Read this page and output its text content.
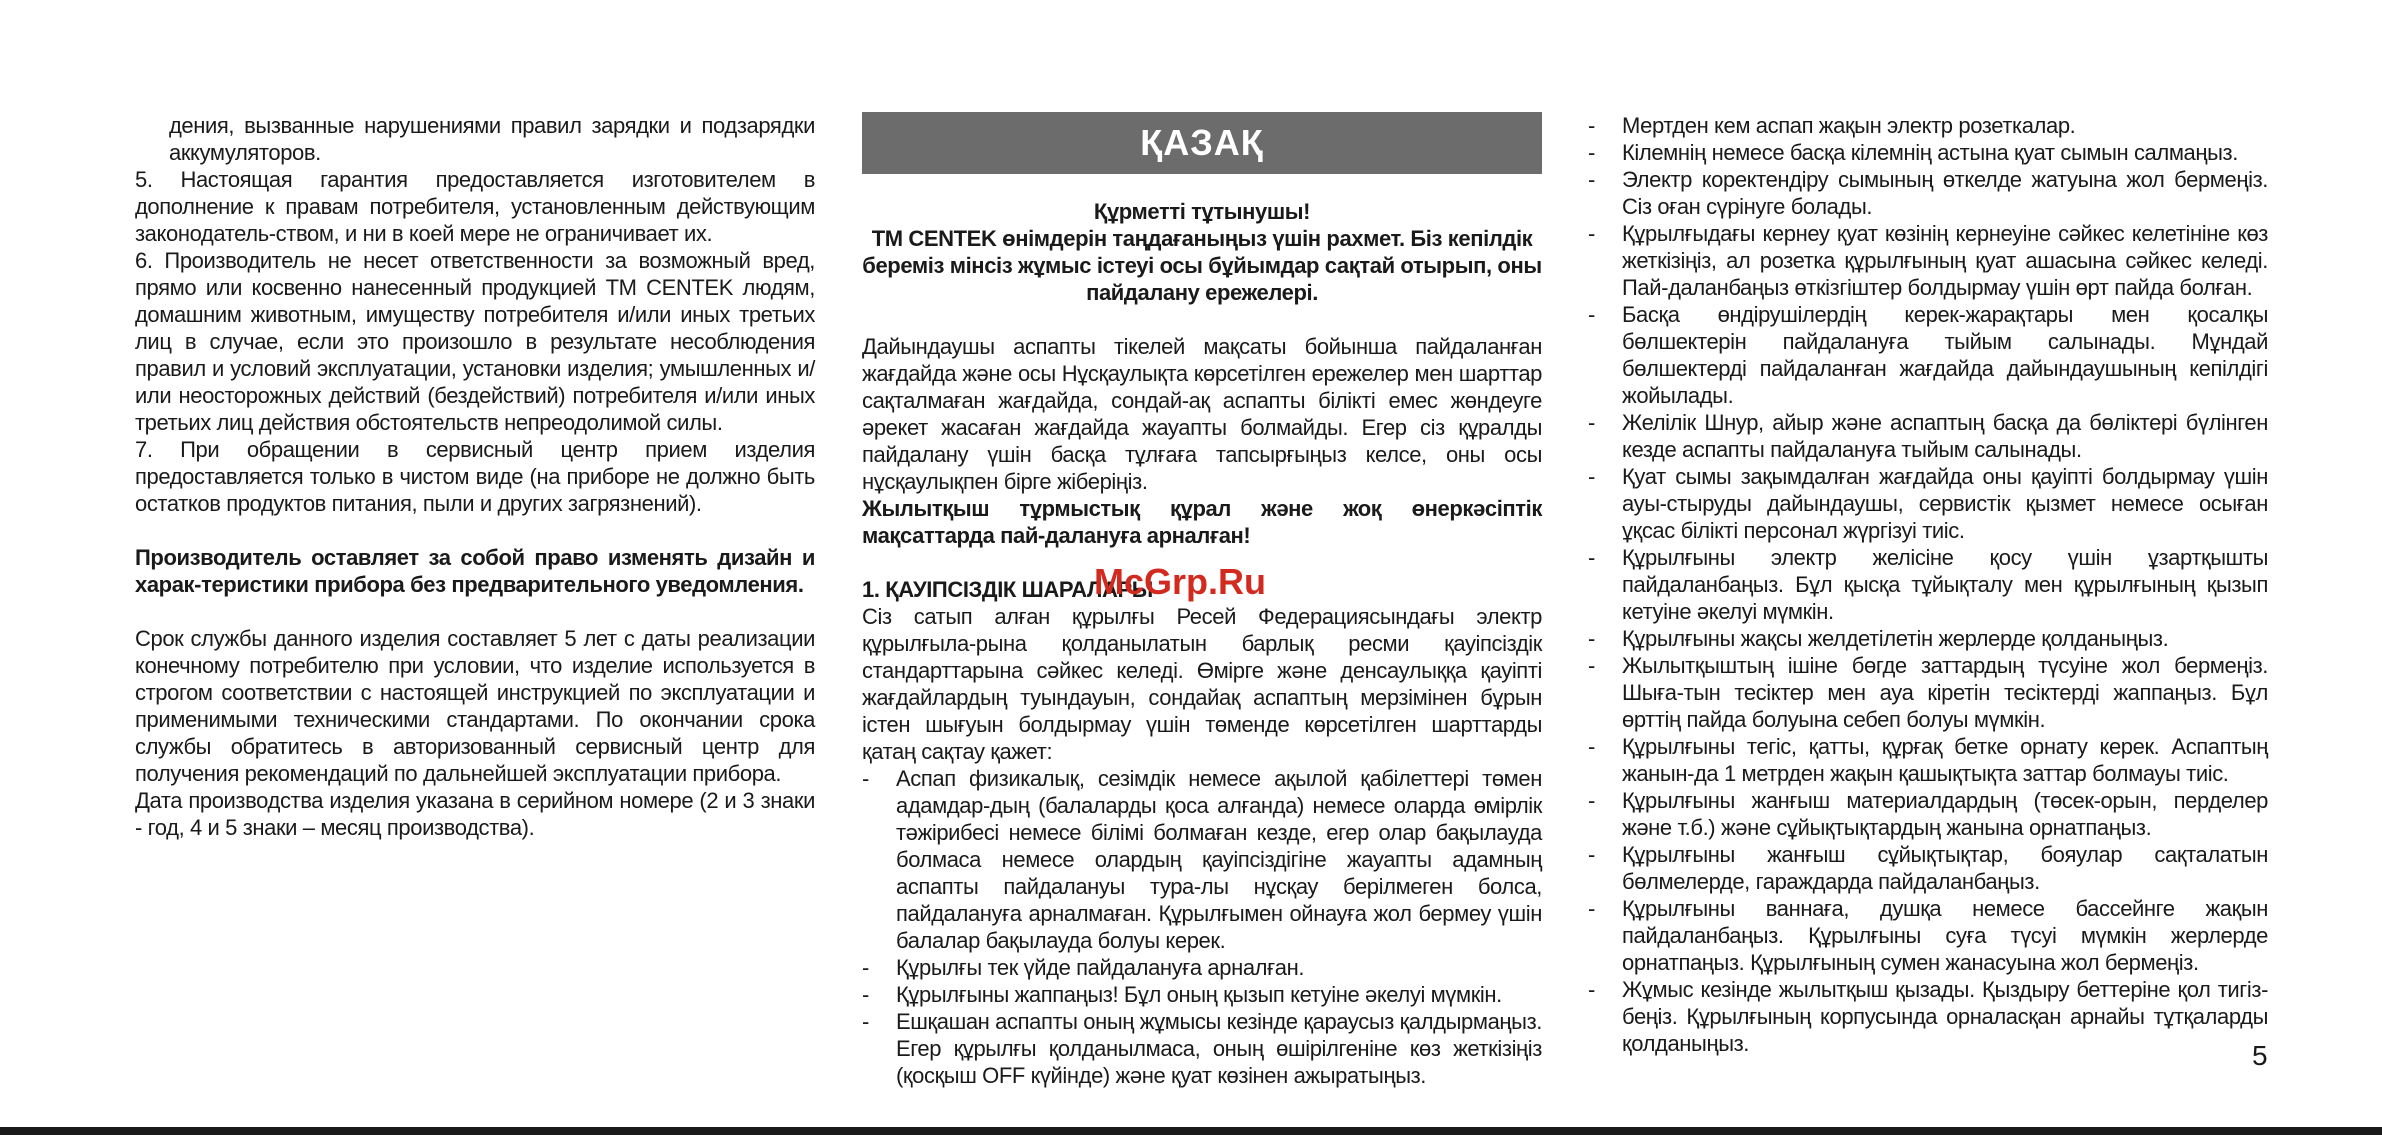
дения, вызванные нарушениями правил зарядки и подзарядки аккумуляторов.

5. Настоящая гарантия предоставляется изготовителем в дополнение к правам потребителя, установленным действующим законодатель-ством, и ни в коей мере не ограничивает их.

6. Производитель не несет ответственности за возможный вред, прямо или косвенно нанесенный продукцией ТМ CENTEK людям, домашним животным, имуществу потребителя и/или иных третьих лиц в случае, если это произошло в результате несоблюдения правил и условий эксплуатации, установки изделия; умышленных и/или неосторожных действий (бездействий) потребителя и/или иных третьих лиц действия обстоятельств непреодолимой силы.

7. При обращении в сервисный центр прием изделия предоставляется только в чистом виде (на приборе не должно быть остатков продуктов питания, пыли и других загрязнений).

Производитель оставляет за собой право изменять дизайн и харак-теристики прибора без предварительного уведомления.

Срок службы данного изделия составляет 5 лет с даты реализации конечному потребителю при условии, что изделие используется в строгом соответствии с настоящей инструкцией по эксплуатации и применимыми техническими стандартами. По окончании срока службы обратитесь в авторизованный сервисный центр для получения рекомендаций по дальнейшей эксплуатации прибора.

Дата производства изделия указана в серийном номере (2 и 3 знаки - год, 4 и 5 знаки – месяц производства).

ҚАЗАҚ

Құрметті тұтынушы!

ТМ CENTEK өнімдерін таңдағаныңыз үшін рахмет. Біз кепілдік береміз мінсіз жұмыс істеуі осы бұйымдар сақтай отырып, оны пайдалану ережелері.

Дайындаушы аспапты тікелей мақсаты бойынша пайдаланған жағдайда және осы Нұсқаулықта көрсетілген ережелер мен шарттар сақталмаған жағдайда, сондай-ақ аспапты білікті емес жөндеуге әрекет жасаған жағдайда жауапты болмайды. Егер сіз құралды пайдалану үшін басқа тұлғаға тапсырғыңыз келсе, оны осы нұсқаулықпен бірге жіберіңіз.

Жылытқыш тұрмыстық құрал және жоқ өнеркәсіптік мақсаттарда пай-далануға арналған!

1. ҚАУІПСІЗДІК ШАРАЛАРЫ

McGrp.Ru

Сіз сатып алған құрылғы Ресей Федерациясындағы электр құрылғыла-рына қолданылатын барлық ресми қауіпсіздік стандарттарына сәйкес келеді. Өмірге және денсаулыққа қауіпті жағдайлардың туындауын, сондайақ аспаптың мерзімінен бұрын істен шығуын болдырмау үшін төменде көрсетілген шарттарды қатаң сақтау қажет:

- Аспап физикалық, сезімдік немесе ақылой қабілеттері төмен адамдар-дың (балаларды қоса алғанда) немесе оларда өмірлік тәжірибесі немесе білімі болмаған кезде, егер олар бақылауда болмаса немесе олардың қауіпсіздігіне жауапты адамның аспапты пайдалануы тура-лы нұсқау берілмеген болса, пайдалануға арналмаған. Құрылғымен ойнауға жол бермеу үшін балалар бақылауда болуы керек.
- Құрылғы тек үйде пайдалануға арналған.
- Құрылғыны жаппаңыз! Бұл оның қызып кетуіне әкелуі мүмкін.
- Ешқашан аспапты оның жұмысы кезінде қараусыз қалдырмаңыз. Егер құрылғы қолданылмаса, оның өшірілгеніне көз жеткізіңіз (қосқыш OFF күйінде) және қуат көзінен ажыратыңыз.
- Мертден кем аспап жақын электр розеткалар.
- Кілемнің немесе басқа кілемнің астына қуат сымын салмаңыз.
- Электр коректендіру сымының өткелде жатуына жол бермеңіз. Сіз оған сүрінуге болады.
- Құрылғыдағы кернеу қуат көзінің кернеуіне сәйкес келетініне көз жеткізіңіз, ал розетка құрылғының қуат ашасына сәйкес келеді. Пай-даланбаңыз өткізгіштер болдырмау үшін өрт пайда болған.
- Басқа өндірушілердің керек-жарақтары мен қосалқы бөлшектерін пайдалануға тыйым салынады. Мұндай бөлшектерді пайдаланған жағдайда дайындаушының кепілдігі жойылады.
- Желілік Шнур, айыр және аспаптың басқа да бөліктері бүлінген кезде аспапты пайдалануға тыйым салынады.
- Қуат сымы зақымдалған жағдайда оны қауіпті болдырмау үшін ауы-стыруды дайындаушы, сервистік қызмет немесе осыған ұқсас білікті персонал жүргізуі тиіс.
- Құрылғыны электр желісіне қосу үшін ұзартқышты пайдаланбаңыз. Бұл қысқа тұйықталу мен құрылғының қызып кетуіне әкелуі мүмкін.
- Құрылғыны жақсы желдетілетін жерлерде қолданыңыз.
- Жылытқыштың ішіне бөгде заттардың түсуіне жол бермеңіз. Шыға-тын тесіктер мен ауа кіретін тесіктерді жаппаңыз. Бұл өрттің пайда болуына себеп болуы мүмкін.
- Құрылғыны тегіс, қатты, құрғақ бетке орнату керек. Аспаптың жанын-да 1 метрден жақын қашықтықта заттар болмауы тиіс.
- Құрылғыны жанғыш материалдардың (төсек-орын, перделер және т.б.) және сұйықтықтардың жанына орнатпаңыз.
- Құрылғыны жанғыш сұйықтықтар, бояулар сақталатын бөлмелерде, гараждарда пайдаланбаңыз.
- Құрылғыны ваннаға, душқа немесе бассейнге жақын пайдаланбаңыз. Құрылғыны суға түсуі мүмкін жерлерде орнатпаңыз. Құрылғының сумен жанасуына жол бермеңіз.
- Жұмыс кезінде жылытқыш қызады. Қыздыру беттеріне қол тигіз-беңіз. Құрылғының корпусында орналасқан арнайы тұтқаларды қолданыңыз.	5
